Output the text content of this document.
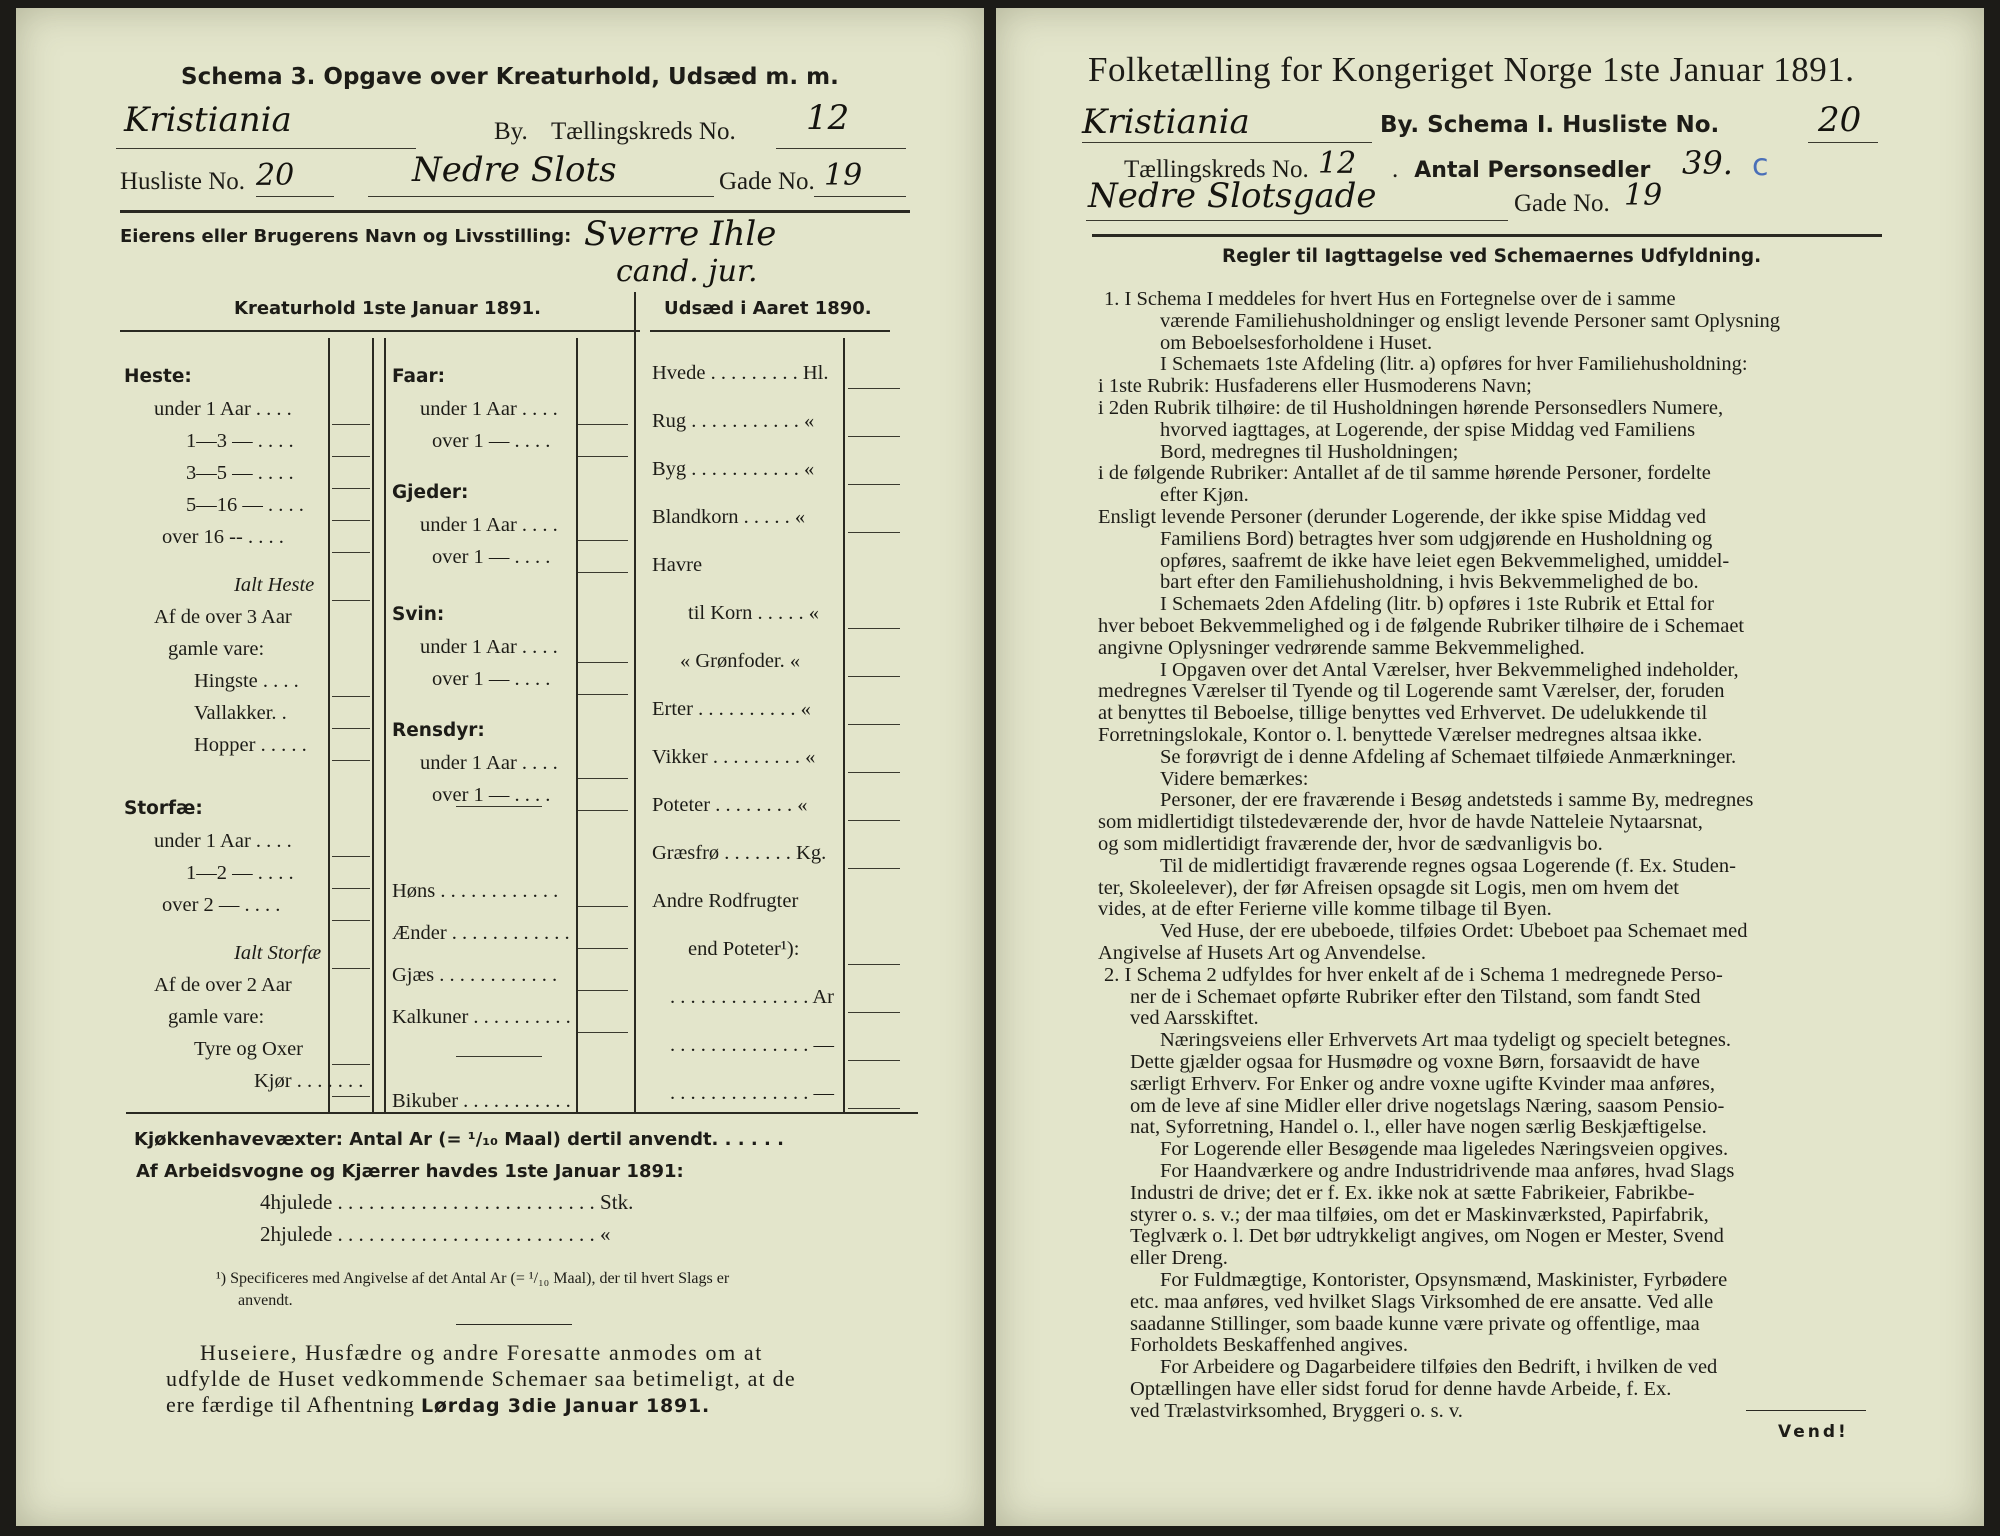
Schema 3. Opgave over Kreaturhold, Udsæd m. m.
Kristiania	By. Tællingskreds No. 12
Husliste No. 20	Nedre Slots	Gade No. 19
Eierens eller Brugerens Navn og Livsstilling: Sverre Ihle
cand. jur.
Kreaturhold 1ste Januar 1891.	Udsæd i Aaret 1890.
Heste:
under 1 Aar . . . .
1—3 — . . . .
3—5 — . . . .
5—16 — . . . .
over 16 -- . . . .
Ialt Heste
Af de over 3 Aar
gamle vare:
Hingste . . . .
Vallakker. .
Hopper . . . . .
Storfæ:
under 1 Aar . . . .
1—2 — . . . .
over 2 — . . . .
Ialt Storfæ
Af de over 2 Aar
gamle vare:
Tyre og Oxer
Kjør . . . . . . .
Faar:
under 1 Aar . . . .
over 1 — . . . .
Gjeder:
under 1 Aar . . . .
over 1 — . . . .
Svin:
under 1 Aar . . . .
over 1 — . . . .
Rensdyr:
under 1 Aar . . . .
over 1 — . . . .
Høns . . . . . . . . . . . .
Ænder . . . . . . . . . . . .
Gjæs . . . . . . . . . . . .
Kalkuner . . . . . . . . . .
Bikuber . . . . . . . . . . .
Hvede . . . . . . . . . Hl.
Rug . . . . . . . . . . . «
Byg . . . . . . . . . . . «
Blandkorn . . . . . «
Havre
til Korn . . . . . «
« Grønfoder. «
Erter . . . . . . . . . . «
Vikker . . . . . . . . . «
Poteter . . . . . . . . «
Græsfrø . . . . . . . Kg.
Andre Rodfrugter
end Poteter¹):
. . . . . . . . . . . . . . Ar
. . . . . . . . . . . . . . —
. . . . . . . . . . . . . . —
Kjøkkenhavevæxter: Antal Ar (= ¹/₁₀ Maal) dertil anvendt. . . . . .
Af Arbeidsvogne og Kjærrer havdes 1ste Januar 1891:
4hjulede . . . . . . . . . . . . . . . . . . . . . . . . . Stk.
2hjulede . . . . . . . . . . . . . . . . . . . . . . . . . «
¹) Specificeres med Angivelse af det Antal Ar (= ¹/₁₀ Maal), der til hvert Slags er
anvendt.
Huseiere, Husfædre og andre Foresatte anmodes om at
udfylde de Huset vedkommende Schemaer saa betimeligt, at de
ere færdige til Afhentning Lørdag 3die Januar 1891.
Folketælling for Kongeriget Norge 1ste Januar 1891.
Kristiania	By. Schema I. Husliste No.	20
Tællingskreds No. 12 . Antal Personsedler 39. ᴄ
Nedre Slotsgade	Gade No. 19
Regler til Iagttagelse ved Schemaernes Udfyldning.
1. I Schema I meddeles for hvert Hus en Fortegnelse over de i samme
værende Familiehusholdninger og ensligt levende Personer samt Oplysning
om Beboelsesforholdene i Huset.
I Schemaets 1ste Afdeling (litr. a) opføres for hver Familiehusholdning:
i 1ste Rubrik: Husfaderens eller Husmoderens Navn;
i 2den Rubrik tilhøire: de til Husholdningen hørende Personsedlers Numere,
hvorved iagttages, at Logerende, der spise Middag ved Familiens
Bord, medregnes til Husholdningen;
i de følgende Rubriker: Antallet af de til samme hørende Personer, fordelte
efter Kjøn.
Ensligt levende Personer (derunder Logerende, der ikke spise Middag ved
Familiens Bord) betragtes hver som udgjørende en Husholdning og
opføres, saafremt de ikke have leiet egen Bekvemmelighed, umiddel-
bart efter den Familiehusholdning, i hvis Bekvemmelighed de bo.
I Schemaets 2den Afdeling (litr. b) opføres i 1ste Rubrik et Ettal for
hver beboet Bekvemmelighed og i de følgende Rubriker tilhøire de i Schemaet
angivne Oplysninger vedrørende samme Bekvemmelighed.
I Opgaven over det Antal Værelser, hver Bekvemmelighed indeholder,
medregnes Værelser til Tyende og til Logerende samt Værelser, der, foruden
at benyttes til Beboelse, tillige benyttes ved Erhvervet. De udelukkende til
Forretningslokale, Kontor o. l. benyttede Værelser medregnes altsaa ikke.
Se forøvrigt de i denne Afdeling af Schemaet tilføiede Anmærkninger.
Videre bemærkes:
Personer, der ere fraværende i Besøg andetsteds i samme By, medregnes
som midlertidigt tilstedeværende der, hvor de havde Natteleie Nytaarsnat,
og som midlertidigt fraværende der, hvor de sædvanligvis bo.
Til de midlertidigt fraværende regnes ogsaa Logerende (f. Ex. Studen-
ter, Skoleelever), der før Afreisen opsagde sit Logis, men om hvem det
vides, at de efter Ferierne ville komme tilbage til Byen.
Ved Huse, der ere ubeboede, tilføies Ordet: Ubeboet paa Schemaet med
Angivelse af Husets Art og Anvendelse.
2. I Schema 2 udfyldes for hver enkelt af de i Schema 1 medregnede Perso-
ner de i Schemaet opførte Rubriker efter den Tilstand, som fandt Sted
ved Aarsskiftet.
Næringsveiens eller Erhvervets Art maa tydeligt og specielt betegnes.
Dette gjælder ogsaa for Husmødre og voxne Børn, forsaavidt de have
særligt Erhverv. For Enker og andre voxne ugifte Kvinder maa anføres,
om de leve af sine Midler eller drive nogetslags Næring, saasom Pensio-
nat, Syforretning, Handel o. l., eller have nogen særlig Beskjæftigelse.
For Logerende eller Besøgende maa ligeledes Næringsveien opgives.
For Haandværkere og andre Industridrivende maa anføres, hvad Slags
Industri de drive; det er f. Ex. ikke nok at sætte Fabrikeier, Fabrikbe-
styrer o. s. v.; der maa tilføies, om det er Maskinværksted, Papirfabrik,
Teglværk o. l. Det bør udtrykkeligt angives, om Nogen er Mester, Svend
eller Dreng.
For Fuldmægtige, Kontorister, Opsynsmænd, Maskinister, Fyrbødere
etc. maa anføres, ved hvilket Slags Virksomhed de ere ansatte. Ved alle
saadanne Stillinger, som baade kunne være private og offentlige, maa
Forholdets Beskaffenhed angives.
For Arbeidere og Dagarbeidere tilføies den Bedrift, i hvilken de ved
Optællingen have eller sidst forud for denne havde Arbeide, f. Ex.
ved Trælastvirksomhed, Bryggeri o. s. v.
Vend!
